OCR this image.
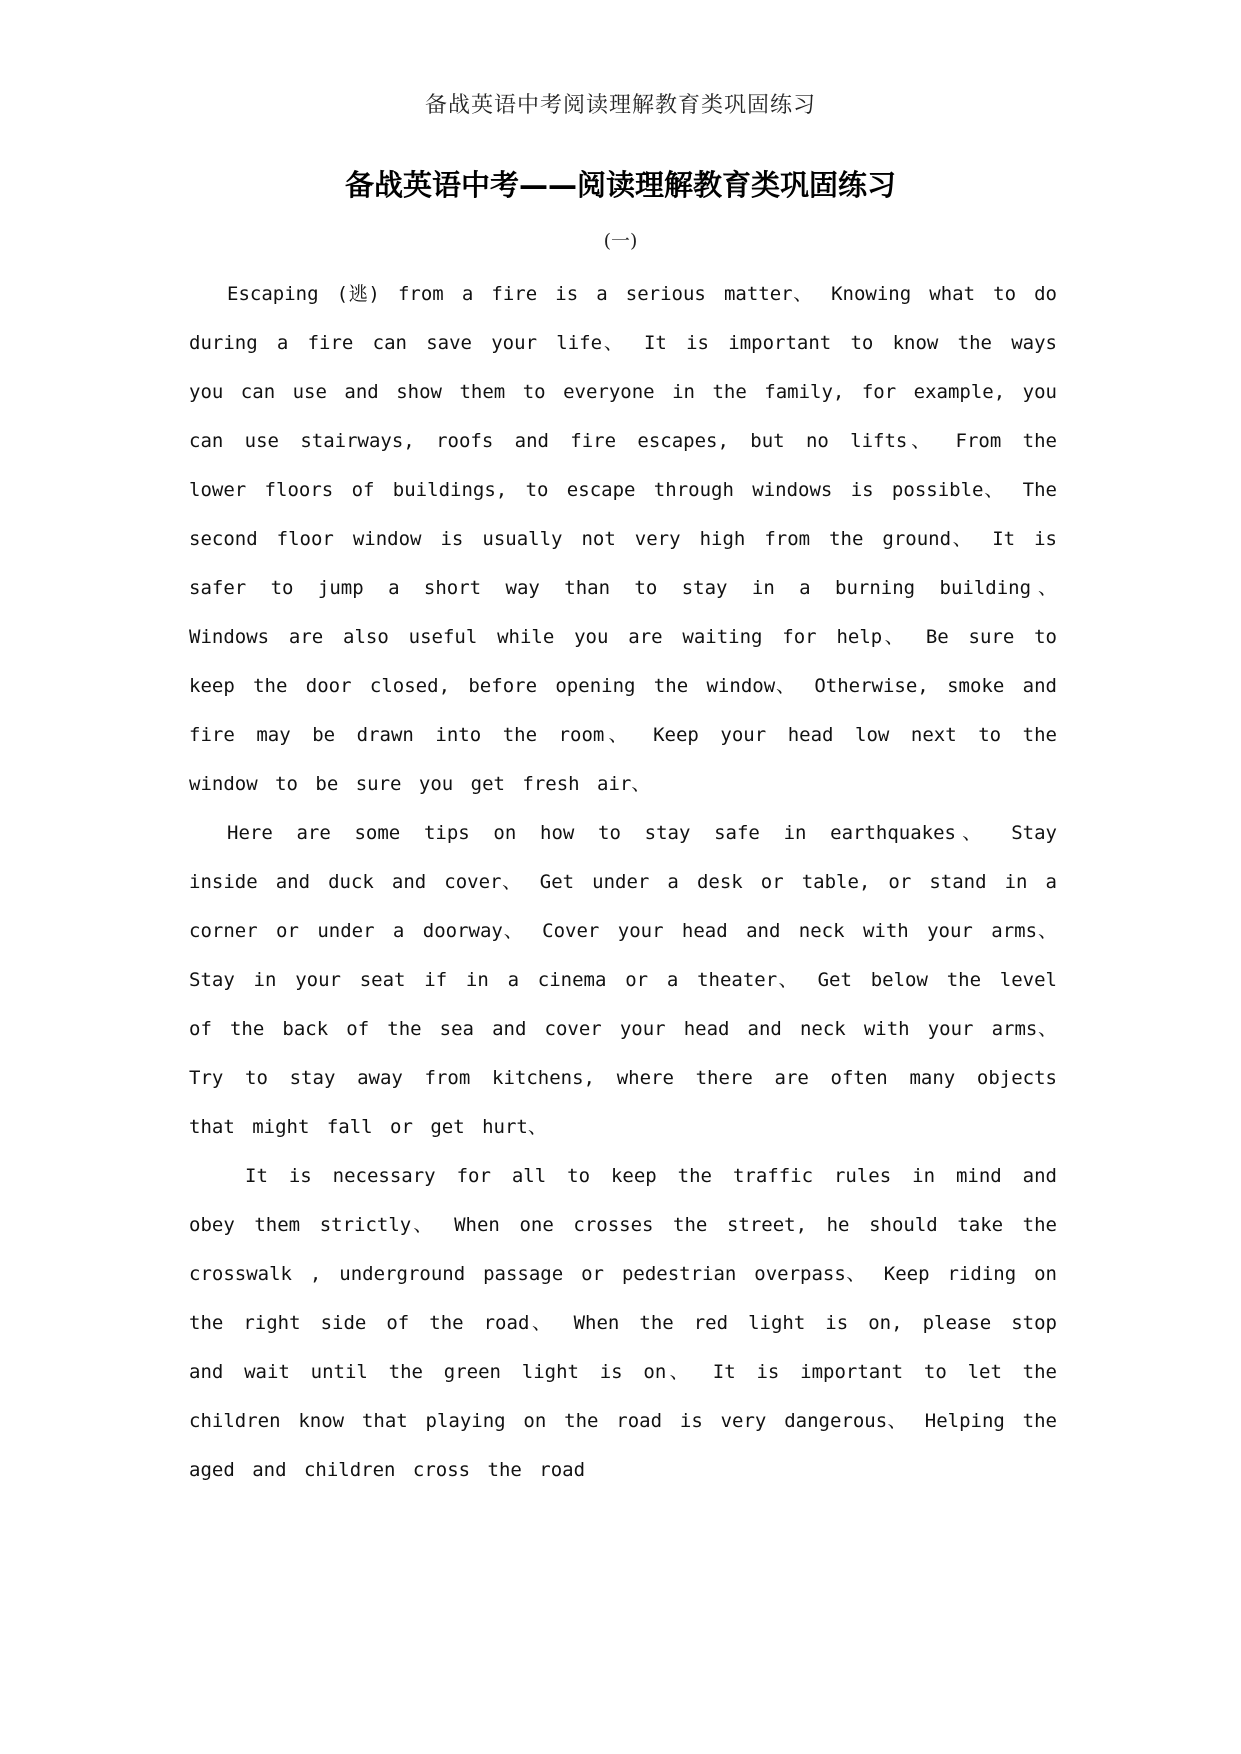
备战英语中考阅读理解教育类巩固练习
备战英语中考——阅读理解教育类巩固练习
(一)

Escaping (逃) from a fire is a serious matter、 Knowing what to do during a fire can save your life、 It is important to know the ways you can use and show them to everyone in the family, for example, you can use stairways, roofs and fire escapes, but no lifts、 From the lower floors of buildings, to escape through windows is possible、 The second floor window is usually not very high from the ground、 It is safer to jump a short way than to stay in a burning building、 Windows are also useful while you are waiting for help、 Be sure to keep the door closed, before opening the window、 Otherwise, smoke and fire may be drawn into the room、 Keep your head low next to the window to be sure you get fresh air、

Here are some tips on how to stay safe in earthquakes、 Stay inside and duck and cover、 Get under a desk or table, or stand in a corner or under a doorway、 Cover your head and neck with your arms、 Stay in your seat if in a cinema or a theater、 Get below the level of the back of the sea and cover your head and neck with your arms、 Try to stay away from kitchens, where there are often many objects that might fall or get hurt、

It is necessary for all to keep the traffic rules in mind and obey them strictly、 When one crosses the street, he should take the crosswalk , underground passage or pedestrian overpass、 Keep riding on the right side of the road、 When the red light is on, please stop and wait until the green light is on、 It is important to let the children know that playing on the road is very dangerous、 Helping the aged and children cross the road
